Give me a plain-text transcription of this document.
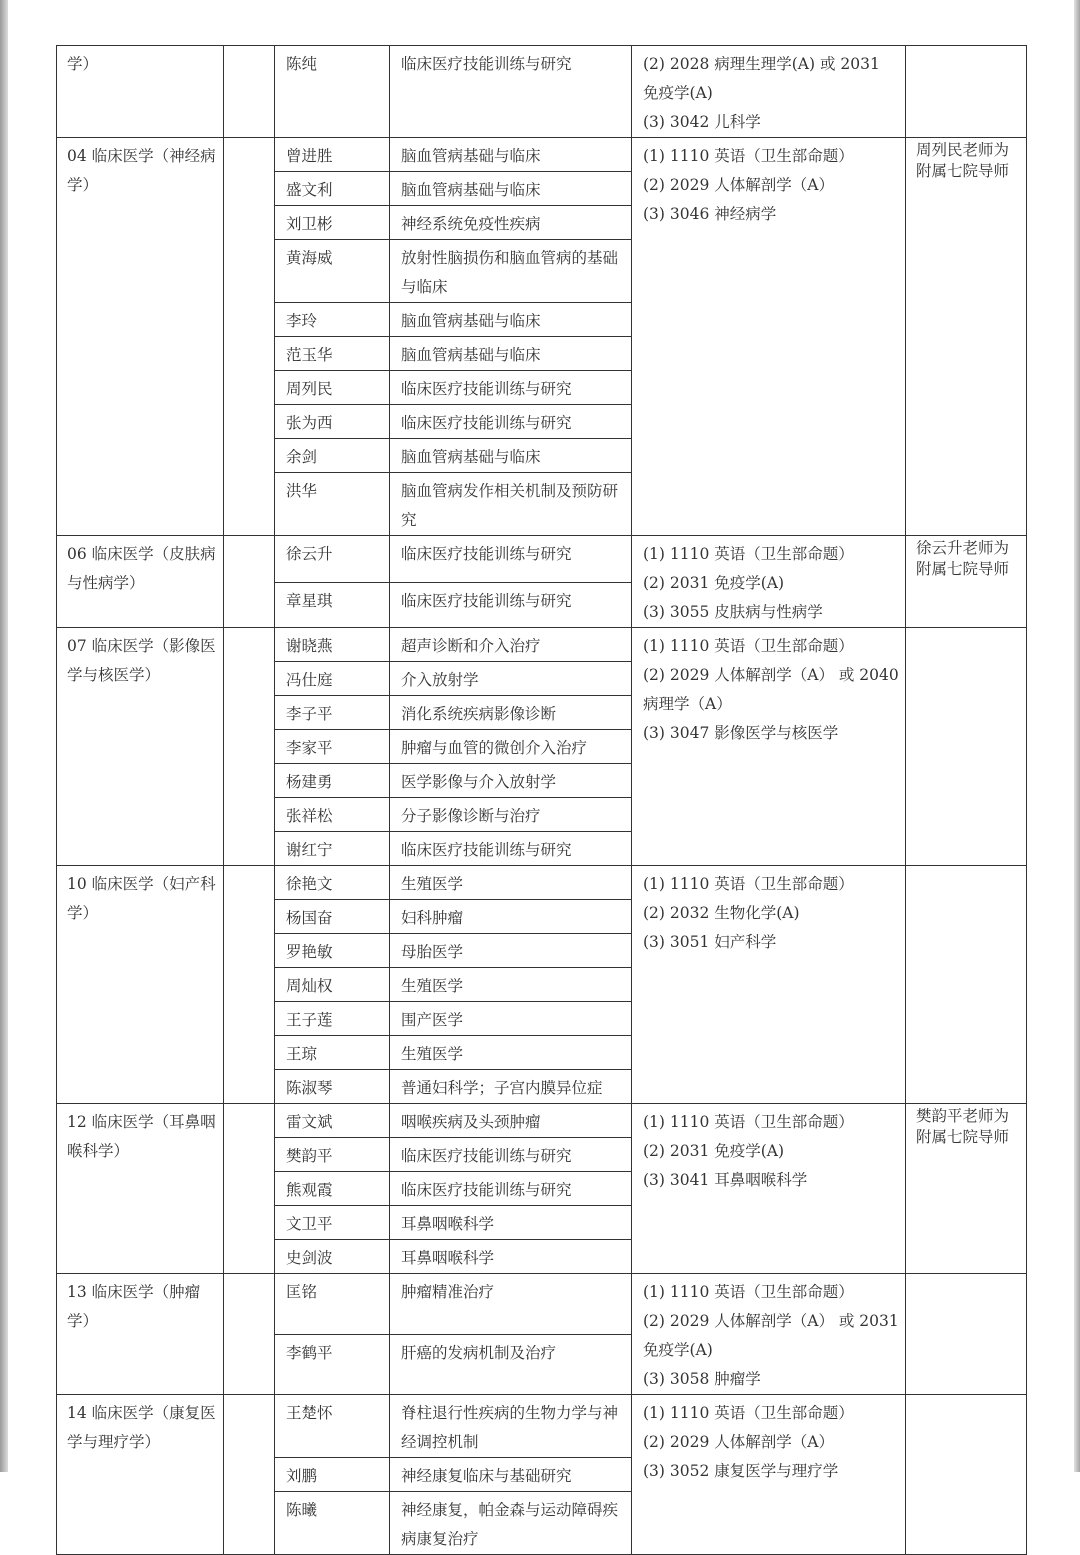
学）		陈纯	临床医疗技能训练与研究	(2) 2028 病理生理学(A) 或 2031 免疫学(A)
(3) 3042 儿科学	

04 临床医学（神经病学）		曾进胜	脑血管病基础与临床	(1) 1110 英语（卫生部命题）
(2) 2029 人体解剖学（A）
(3) 3046 神经病学	周列民老师为附属七院导师
		盛文利	脑血管病基础与临床		
		刘卫彬	神经系统免疫性疾病		
		黄海威	放射性脑损伤和脑血管病的基础与临床		
		李玲	脑血管病基础与临床		
		范玉华	脑血管病基础与临床		
		周列民	临床医疗技能训练与研究		
		张为西	临床医疗技能训练与研究		
		余剑	脑血管病基础与临床		
		洪华	脑血管病发作相关机制及预防研究		
06 临床医学（皮肤病与性病学）		徐云升	临床医疗技能训练与研究	(1) 1110 英语（卫生部命题）
(2) 2031 免疫学(A)
(3) 3055 皮肤病与性病学	徐云升老师为附属七院导师
		章星琪	临床医疗技能训练与研究		
07 临床医学（影像医学与核医学）		谢晓燕	超声诊断和介入治疗	(1) 1110 英语（卫生部命题）
(2) 2029 人体解剖学（A） 或 2040 病理学（A）
(3) 3047 影像医学与核医学	

		冯仕庭	介入放射学		
		李子平	消化系统疾病影像诊断		
		李家平	肿瘤与血管的微创介入治疗		
		杨建勇	医学影像与介入放射学		
		张祥松	分子影像诊断与治疗		
		谢红宁	临床医疗技能训练与研究		
10 临床医学（妇产科学）		徐艳文	生殖医学	(1) 1110 英语（卫生部命题）
(2) 2032 生物化学(A)
(3) 3051 妇产科学	

		杨国奋	妇科肿瘤		
		罗艳敏	母胎医学		
		周灿权	生殖医学		
		王子莲	围产医学		
		王琼	生殖医学		
		陈淑琴	普通妇科学；子宫内膜异位症		
12 临床医学（耳鼻咽喉科学）		雷文斌	咽喉疾病及头颈肿瘤	(1) 1110 英语（卫生部命题）
(2) 2031 免疫学(A)
(3) 3041 耳鼻咽喉科学	樊韵平老师为附属七院导师
		樊韵平	临床医疗技能训练与研究		
		熊观霞	临床医疗技能训练与研究		
		文卫平	耳鼻咽喉科学		
		史剑波	耳鼻咽喉科学		
13 临床医学（肿瘤学）		匡铭	肿瘤精准治疗	(1) 1110 英语（卫生部命题）
(2) 2029 人体解剖学（A） 或 2031 免疫学(A)
(3) 3058 肿瘤学	

		李鹤平	肝癌的发病机制及治疗		
14 临床医学（康复医学与理疗学）		王楚怀	脊柱退行性疾病的生物力学与神经调控机制	(1) 1110 英语（卫生部命题）
(2) 2029 人体解剖学（A）
(3) 3052 康复医学与理疗学	

		刘鹏	神经康复临床与基础研究		
		陈曦	神经康复，帕金森与运动障碍疾病康复治疗		
